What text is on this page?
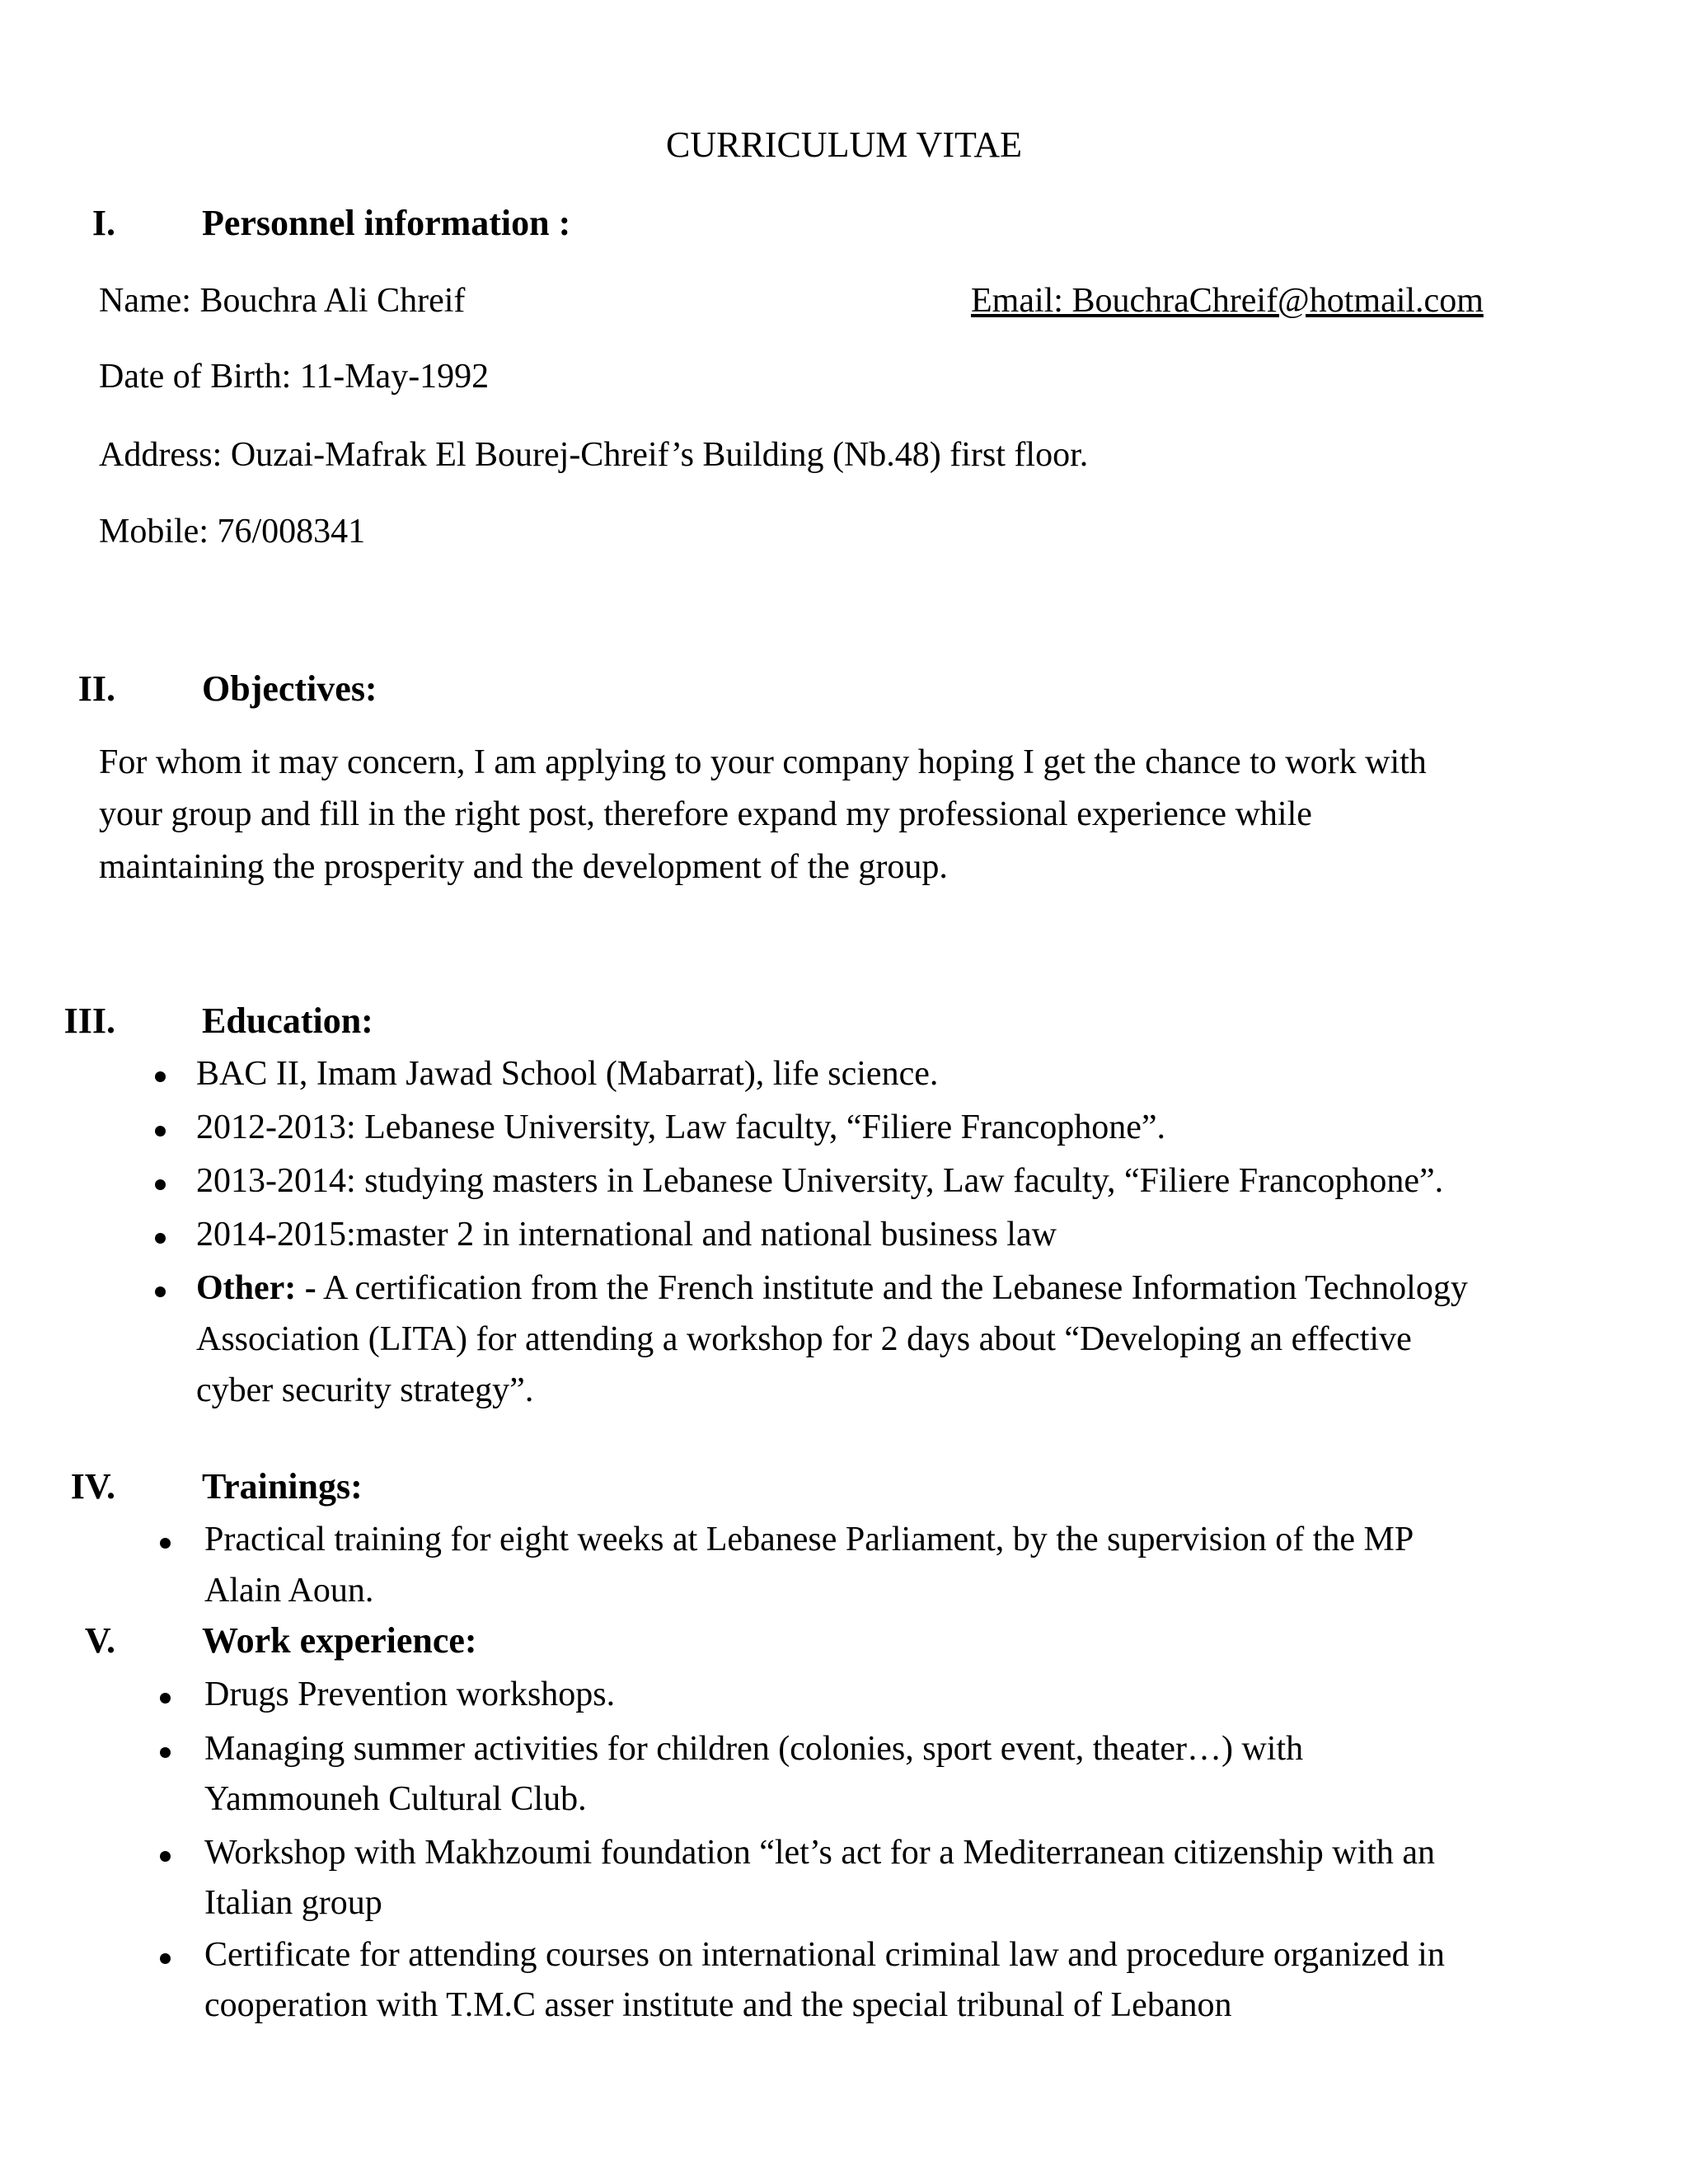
CURRICULUM VITAE
I. Personnel information :
Name: Bouchra Ali Chreif	Email: BouchraChreif@hotmail.com
Date of Birth: 11-May-1992
Address: Ouzai-Mafrak El Bourej-Chreif’s Building (Nb.48) first floor.
Mobile: 76/008341
II. Objectives:
For whom it may concern, I am applying to your company hoping I get the chance to work with
your group and fill in the right post, therefore expand my professional experience while
maintaining the prosperity and the development of the group.
III. Education:
BAC II, Imam Jawad School (Mabarrat), life science.
2012-2013: Lebanese University, Law faculty, “Filiere Francophone”.
2013-2014: studying masters in Lebanese University, Law faculty, “Filiere Francophone”.
2014-2015:master 2 in international and national business law
Other: - A certification from the French institute and the Lebanese Information Technology
Association (LITA) for attending a workshop for 2 days about “Developing an effective
cyber security strategy”.
IV. Trainings:
Practical training for eight weeks at Lebanese Parliament, by the supervision of the MP
Alain Aoun.
V. Work experience:
Drugs Prevention workshops.
Managing summer activities for children (colonies, sport event, theater…) with
Yammouneh Cultural Club.
Workshop with Makhzoumi foundation “let’s act for a Mediterranean citizenship with an
Italian group
Certificate for attending courses on international criminal law and procedure organized in
cooperation with T.M.C asser institute and the special tribunal of Lebanon
